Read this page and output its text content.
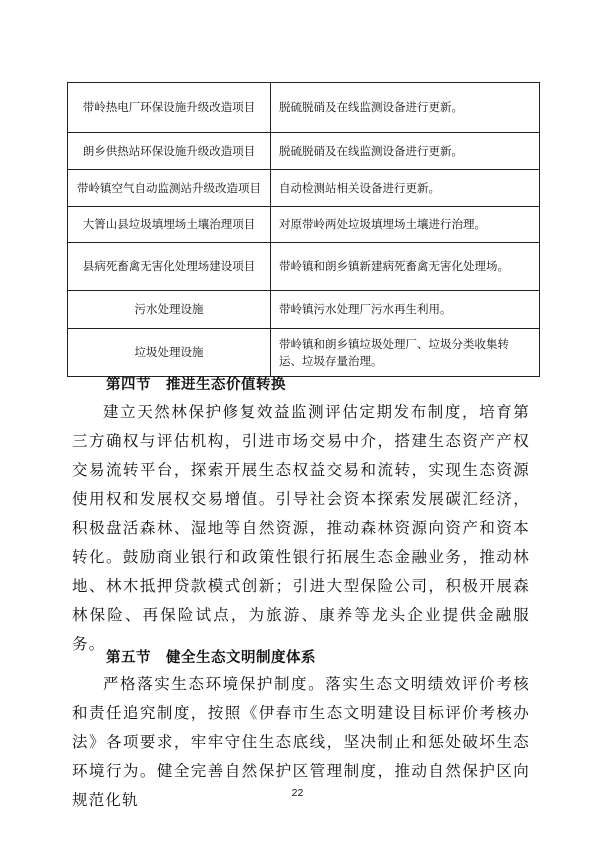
带岭热电厂环保设施升级改造项目	脱硫脱硝及在线监测设备进行更新。
朗乡供热站环保设施升级改造项目	脱硫脱硝及在线监测设备进行更新。
带岭镇空气自动监测站升级改造项目	自动检测站相关设备进行更新。
大箐山县垃圾填埋场土壤治理项目	对原带岭两处垃圾填埋场土壤进行治理。
县病死畜禽无害化处理场建设项目	带岭镇和朗乡镇新建病死畜禽无害化处理场。
污水处理设施	带岭镇污水处理厂污水再生利用。
垃圾处理设施	带岭镇和朗乡镇垃圾处理厂、垃圾分类收集转运、垃圾存量治理。
第四节　推进生态价值转换

建立天然林保护修复效益监测评估定期发布制度，培育第三方确权与评估机构，引进市场交易中介，搭建生态资产产权交易流转平台，探索开展生态权益交易和流转，实现生态资源使用权和发展权交易增值。引导社会资本探索发展碳汇经济，积极盘活森林、湿地等自然资源，推动森林资源向资产和资本转化。鼓励商业银行和政策性银行拓展生态金融业务，推动林地、林木抵押贷款模式创新；引进大型保险公司，积极开展森林保险、再保险试点，为旅游、康养等龙头企业提供金融服务。

第五节　健全生态文明制度体系

严格落实生态环境保护制度。落实生态文明绩效评价考核和责任追究制度，按照《伊春市生态文明建设目标评价考核办法》各项要求，牢牢守住生态底线，坚决制止和惩处破坏生态环境行为。健全完善自然保护区管理制度，推动自然保护区向规范化轨	22
